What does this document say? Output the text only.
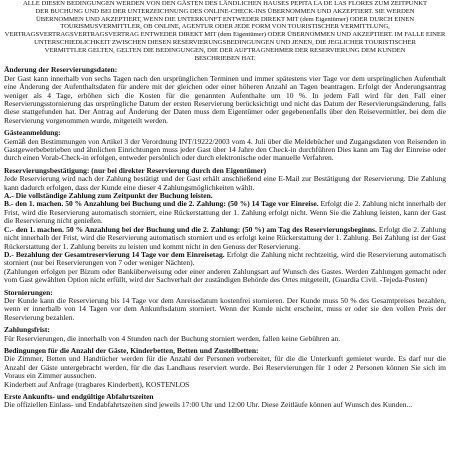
ALLE DIESEN BEDINGUNGEN WERDEN VON DEN GÄSTEN DES LÄNDLICHEN HAUSES PEPITA LA DE LAS FLORES ZUM ZEITPUNKT
DER BUCHUNG UND BEI DER UNTERZEICHNUNG DES ONLINE-CHECK-INS ÜBERNOMMEN UND AKZEPTIERT. SIE WERDEN
ÜBERNOMMEN UND AKZEPTIERT, WENN DIE UNTERKUNFT ENTWEDER DIREKT MIT (dem Eigentümer) ODER DURCH EINEN
TOURISMUSVERMITTLER, OB ONLINE, AGENTUR ODER JEDE FORM VON TOURISTISCHER VERMITTLUNG,
VERTRAGSVERTRAGSVERTRAGSVERTRAG ENTWEDER DIREKT MIT (dem Eigentümer) ODER ÜBERNOMMEN UND AKZEPTIERT. IM FALLE EINER
UNTERSCHIEDLICHKEIT ZWISCHEN DIESEN RESERVIERUNGSBEDINGUNGEN UND JENEN, DIE JEGLICHER TOURISTISCHER
VERMITTLER GELTEN, GELTEN DIE BEDINGUNGEN, DIE DER AUFTRAGNEHMER DER RESERVIERUNG DEM KUNDEN
BESCHRIEBEN HAT.
Änderung der Reservierungsdaten:
Der Gast kann innerhalb von sechs Tagen nach den ursprünglichen Terminen und immer spätestens vier Tage vor dem ursprünglichen Aufenthalt eine Änderung der Aufenthaltsdaten für andere mit der gleichen oder einer höheren Anzahl an Tagen beantragen. Erfolgt der Änderungsantrag weniger als 4 Tage, erhöhen sich die Kosten für die genannten Aufenthalte um 10 %. In jedem Fall wird für den Fall einer Reservierungsstornierung das ursprüngliche Datum der ersten Reservierung berücksichtigt und nicht das Datum der Reservierungsänderung, falls diese stattgefunden hat. Der Antrag auf Änderung der Daten muss dem Eigentümer oder gegebenenfalls über den Reisevermittler, bei dem die Reservierung vorgenommen wurde, mitgeteilt werden.
Gästeanmeldung:
Gemäß den Bestimmungen von Artikel 3 der Verordnung INT/19222/2003 vom 4. Juli über die Meldebücher und Zugangsdaten von Reisenden in Gastgewerbebetrieben und ähnlichen Einrichtungen muss jeder Gast über 14 Jahre den Check-in durchführen Dies kann am Tag der Einreise oder durch einen Vorab-Check-in erfolgen, entweder persönlich oder durch elektronische oder manuelle Verfahren.
Reservierungsbestätigung: (nur bei direkter Reservierung durch den Eigentümer)
Jede Reservierung wird nach der Zahlung bestätigt und der Gast erhält anschließend eine E-Mail zur Bestätigung der Reservierung. Die Zahlung kann dadurch erfolgen, dass der Kunde eine dieser 4 Zahlungsmöglichkeiten wählt.
A.- Die vollständige Zahlung zum Zeitpunkt der Buchung leisten.
B.- den 1. machen. 50 % Anzahlung bei Buchung und die 2. Zahlung: (50 %) 14 Tage vor Einreise. Erfolgt die 2. Zahlung nicht innerhalb der Frist, wird die Reservierung automatisch storniert, eine Rückerstattung der 1. Zahlung erfolgt nicht. Wenn Sie die Zahlung leisten, kann der Gast die Reservierung nicht genießen.
C.- den 1. machen. 50 % Anzahlung bei der Buchung und die 2. Zahlung: (50 %) am Tag des Reservierungsbeginns. Erfolgt die 2. Zahlung nicht innerhalb der Frist, wird die Reservierung automatisch storniert und es erfolgt keine Rückerstattung der 1. Zahlung. Bei Zahlung ist der Gast Rückerstattung der 1. Zahlung bereits zu leisten und kommt nicht in den Genuss der Reservierung.
D.- Bezahlung der Gesamtreservierung 14 Tage vor dem Einreisetag. Erfolgt die Zahlung nicht rechtzeitig, wird die Reservierung automatisch storniert (nur bei Reservierungen von 7 oder weniger Nächten).
(Zahlungen erfolgen per Bizum oder Banküberweisung oder einer anderen Zahlungsart auf Wunsch des Gastes. Werden Zahlungen gemacht oder vom Gast gewählten Option nicht erfüllt, wird der Sachverhalt der zuständigen Behörde des Ortes mitgeteilt, (Guardia Civil. -Tejeda-Posten)
Stornierungen:
Der Kunde kann die Reservierung bis 14 Tage vor dem Anreisedatum kostenfrei stornieren. Der Kunde muss 50 % des Gesamtpreises bezahlen, wenn er innerhalb von 14 Tagen vor dem Ankunftsdatum storniert. Wenn der Kunde nicht erscheint, muss er oder sie den vollen Preis der Reservierung bezahlen.
Zahlungsfrist:
Für Reservierungen, die innerhalb von 4 Stunden nach der Buchung storniert werden, fallen keine Gebühren an.
Bedingungen für die Anzahl der Gäste, Kinderbetten, Betten und Zustellbetten:
Die Zimmer, Betten und Handtücher werden für die Anzahl der Personen vorbereitet, für die die Unterkunft gemietet wurde. Es darf nur die Anzahl der Gäste untergebracht werden, für die das Landhaus reserviert wurde. Bei Reservierungen für 1 oder 2 Personen können Sie sich im Voraus ein Zimmer aussuchen.
Kinderbett auf Anfrage (tragbares Kinderbett), KOSTENLOS
Erste Ankunfts- und endgültige Abfahrtszeiten
Die offiziellen Einlass- und Endabfahrtszeiten sind jeweils 17:00 Uhr und 12:00 Uhr. Diese Zeitläufe können auf Wunsch des Kunden...
